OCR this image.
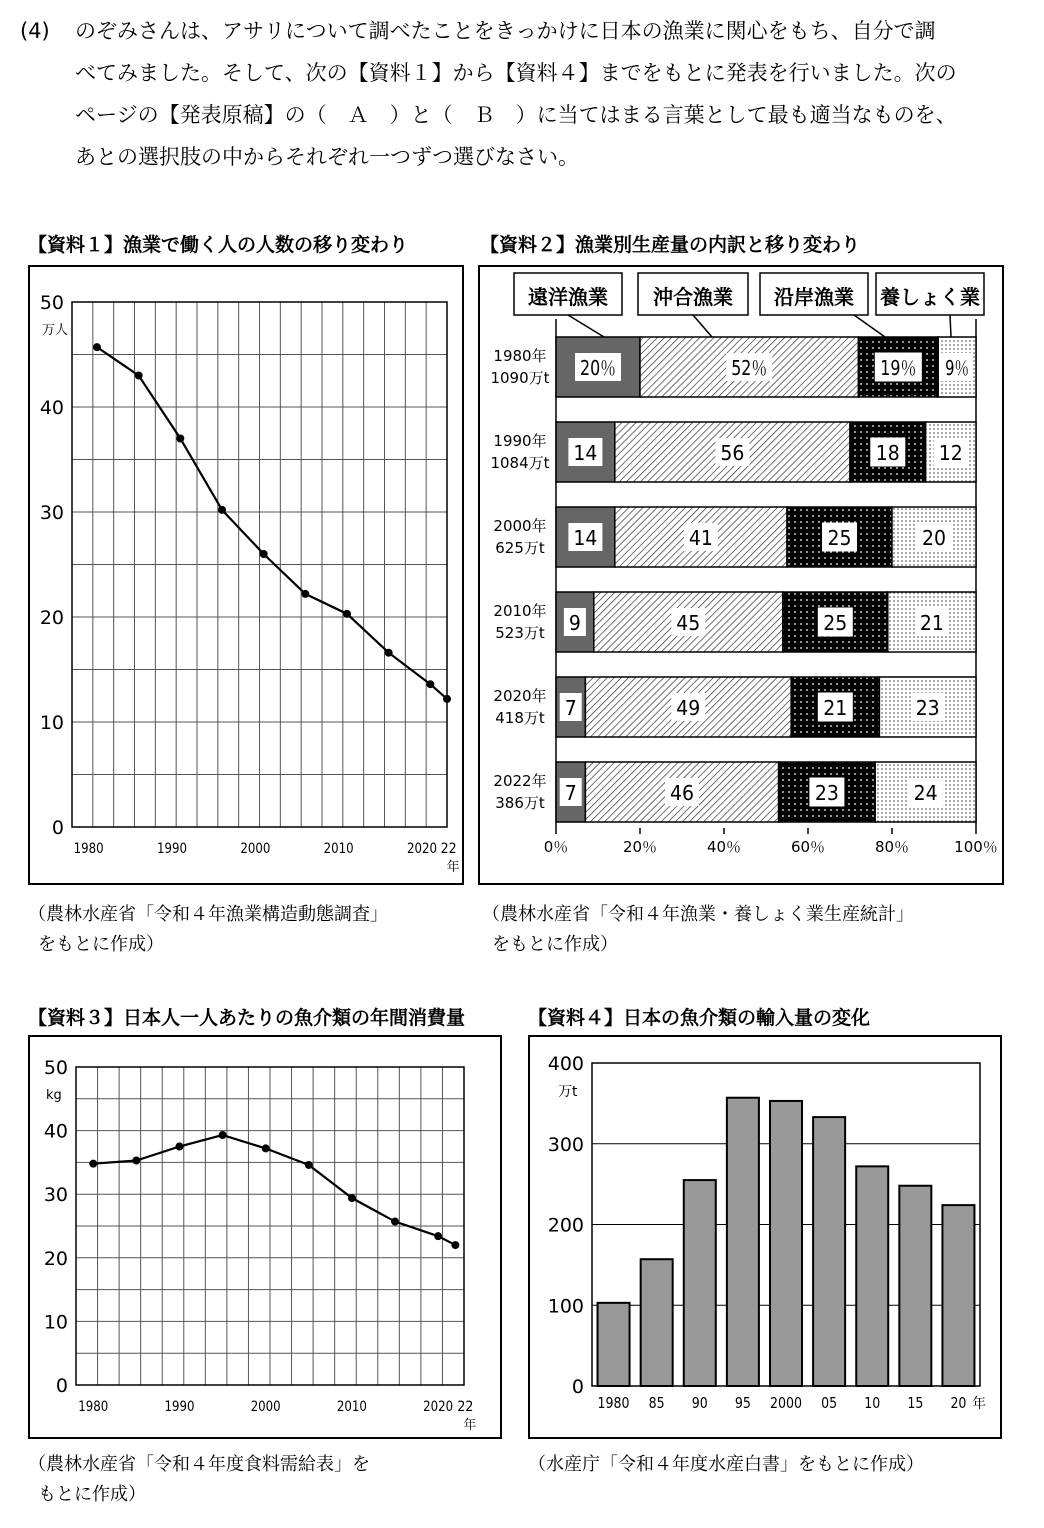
(4) のぞみさんは、アサリについて調べたことをきっかけに日本の漁業に関心をもち、自分で調
べてみました。そして、次の【資料１】から【資料４】までをもとに発表を行いました。次の
ページの【発表原稿】の（　Ａ　）と（　Ｂ　）に当てはまる言葉として最も適当なものを、
あとの選択肢の中からそれぞれ一つずつ選びなさい。
【資料１】漁業で働く人の人数の移り変わり
0
10
20
30
40
50
万人
1980	1990	2000	2010	2020 22
年
（農林水産省「令和４年漁業構造動態調査」
をもとに作成）
【資料２】漁業別生産量の内訳と移り変わり
遠洋漁業 沖合漁業 沿岸漁業 養しょく業
1980年
1090万t 20％	52％	19％ 9％
1990年
1084万t 14	56	18 12
2000年
625万t 14	41	25	20
2010年
523万t 9	45	25	21
2020年
418万t 7	49	21	23
2022年
386万t 7	46	23	24
0％	20％	40％	60％	80％	100％
（農林水産省「令和４年漁業・養しょく業生産統計」
をもとに作成）
【資料３】日本人一人あたりの魚介類の年間消費量
0
10
20
30
40
50
kg
1980	1990	2000	2010	2020 22
年
（農林水産省「令和４年度食料需給表」を
もとに作成）
【資料４】日本の魚介類の輸入量の変化
0
100
200
300
400
万t
1980 85 90 95 2000 05 10 15 20 年
（水産庁「令和４年度水産白書」をもとに作成）
